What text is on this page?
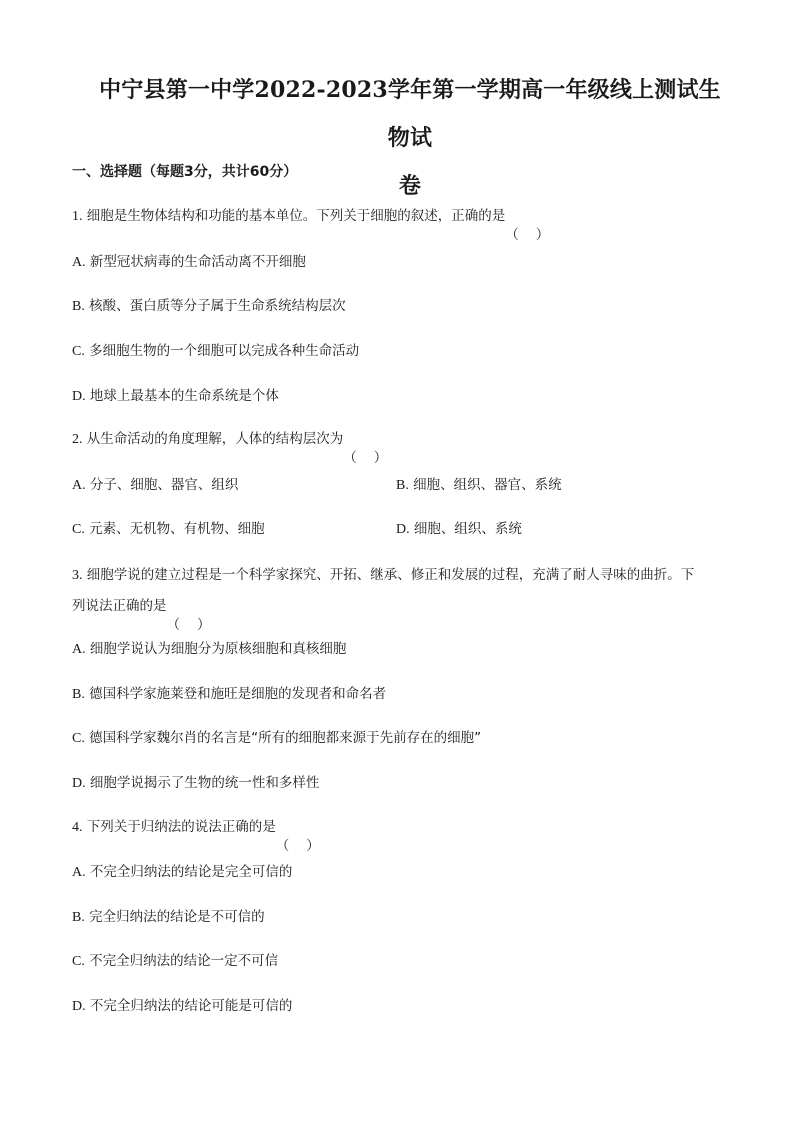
中宁县第一中学2022-2023学年第一学期高一年级线上测试生物试
卷

一、选择题（每题3分，共计60分）

1. 细胞是生物体结构和功能的基本单位。下列关于细胞的叙述，正确的是

A. 新型冠状病毒的生命活动离不开细胞
B. 核酸、蛋白质等分子属于生命系统结构层次
C. 多细胞生物的一个细胞可以完成各种生命活动
D. 地球上最基本的生命系统是个体

2. 从生命活动的角度理解，人体的结构层次为

A. 分子、细胞、器官、组织	B. 细胞、组织、器官、系统
C. 元素、无机物、有机物、细胞	D. 细胞、组织、系统

3. 细胞学说的建立过程是一个科学家探究、开拓、继承、修正和发展的过程，充满了耐人寻味的曲折。下
列说法正确的是

A. 细胞学说认为细胞分为原核细胞和真核细胞
B. 德国科学家施莱登和施旺是细胞的发现者和命名者
C. 德国科学家魏尔肖的名言是“所有的细胞都来源于先前存在的细胞”
D. 细胞学说揭示了生物的统一性和多样性

4. 下列关于归纳法的说法正确的是

A. 不完全归纳法的结论是完全可信的
B. 完全归纳法的结论是不可信的
C. 不完全归纳法的结论一定不可信
D. 不完全归纳法的结论可能是可信的
